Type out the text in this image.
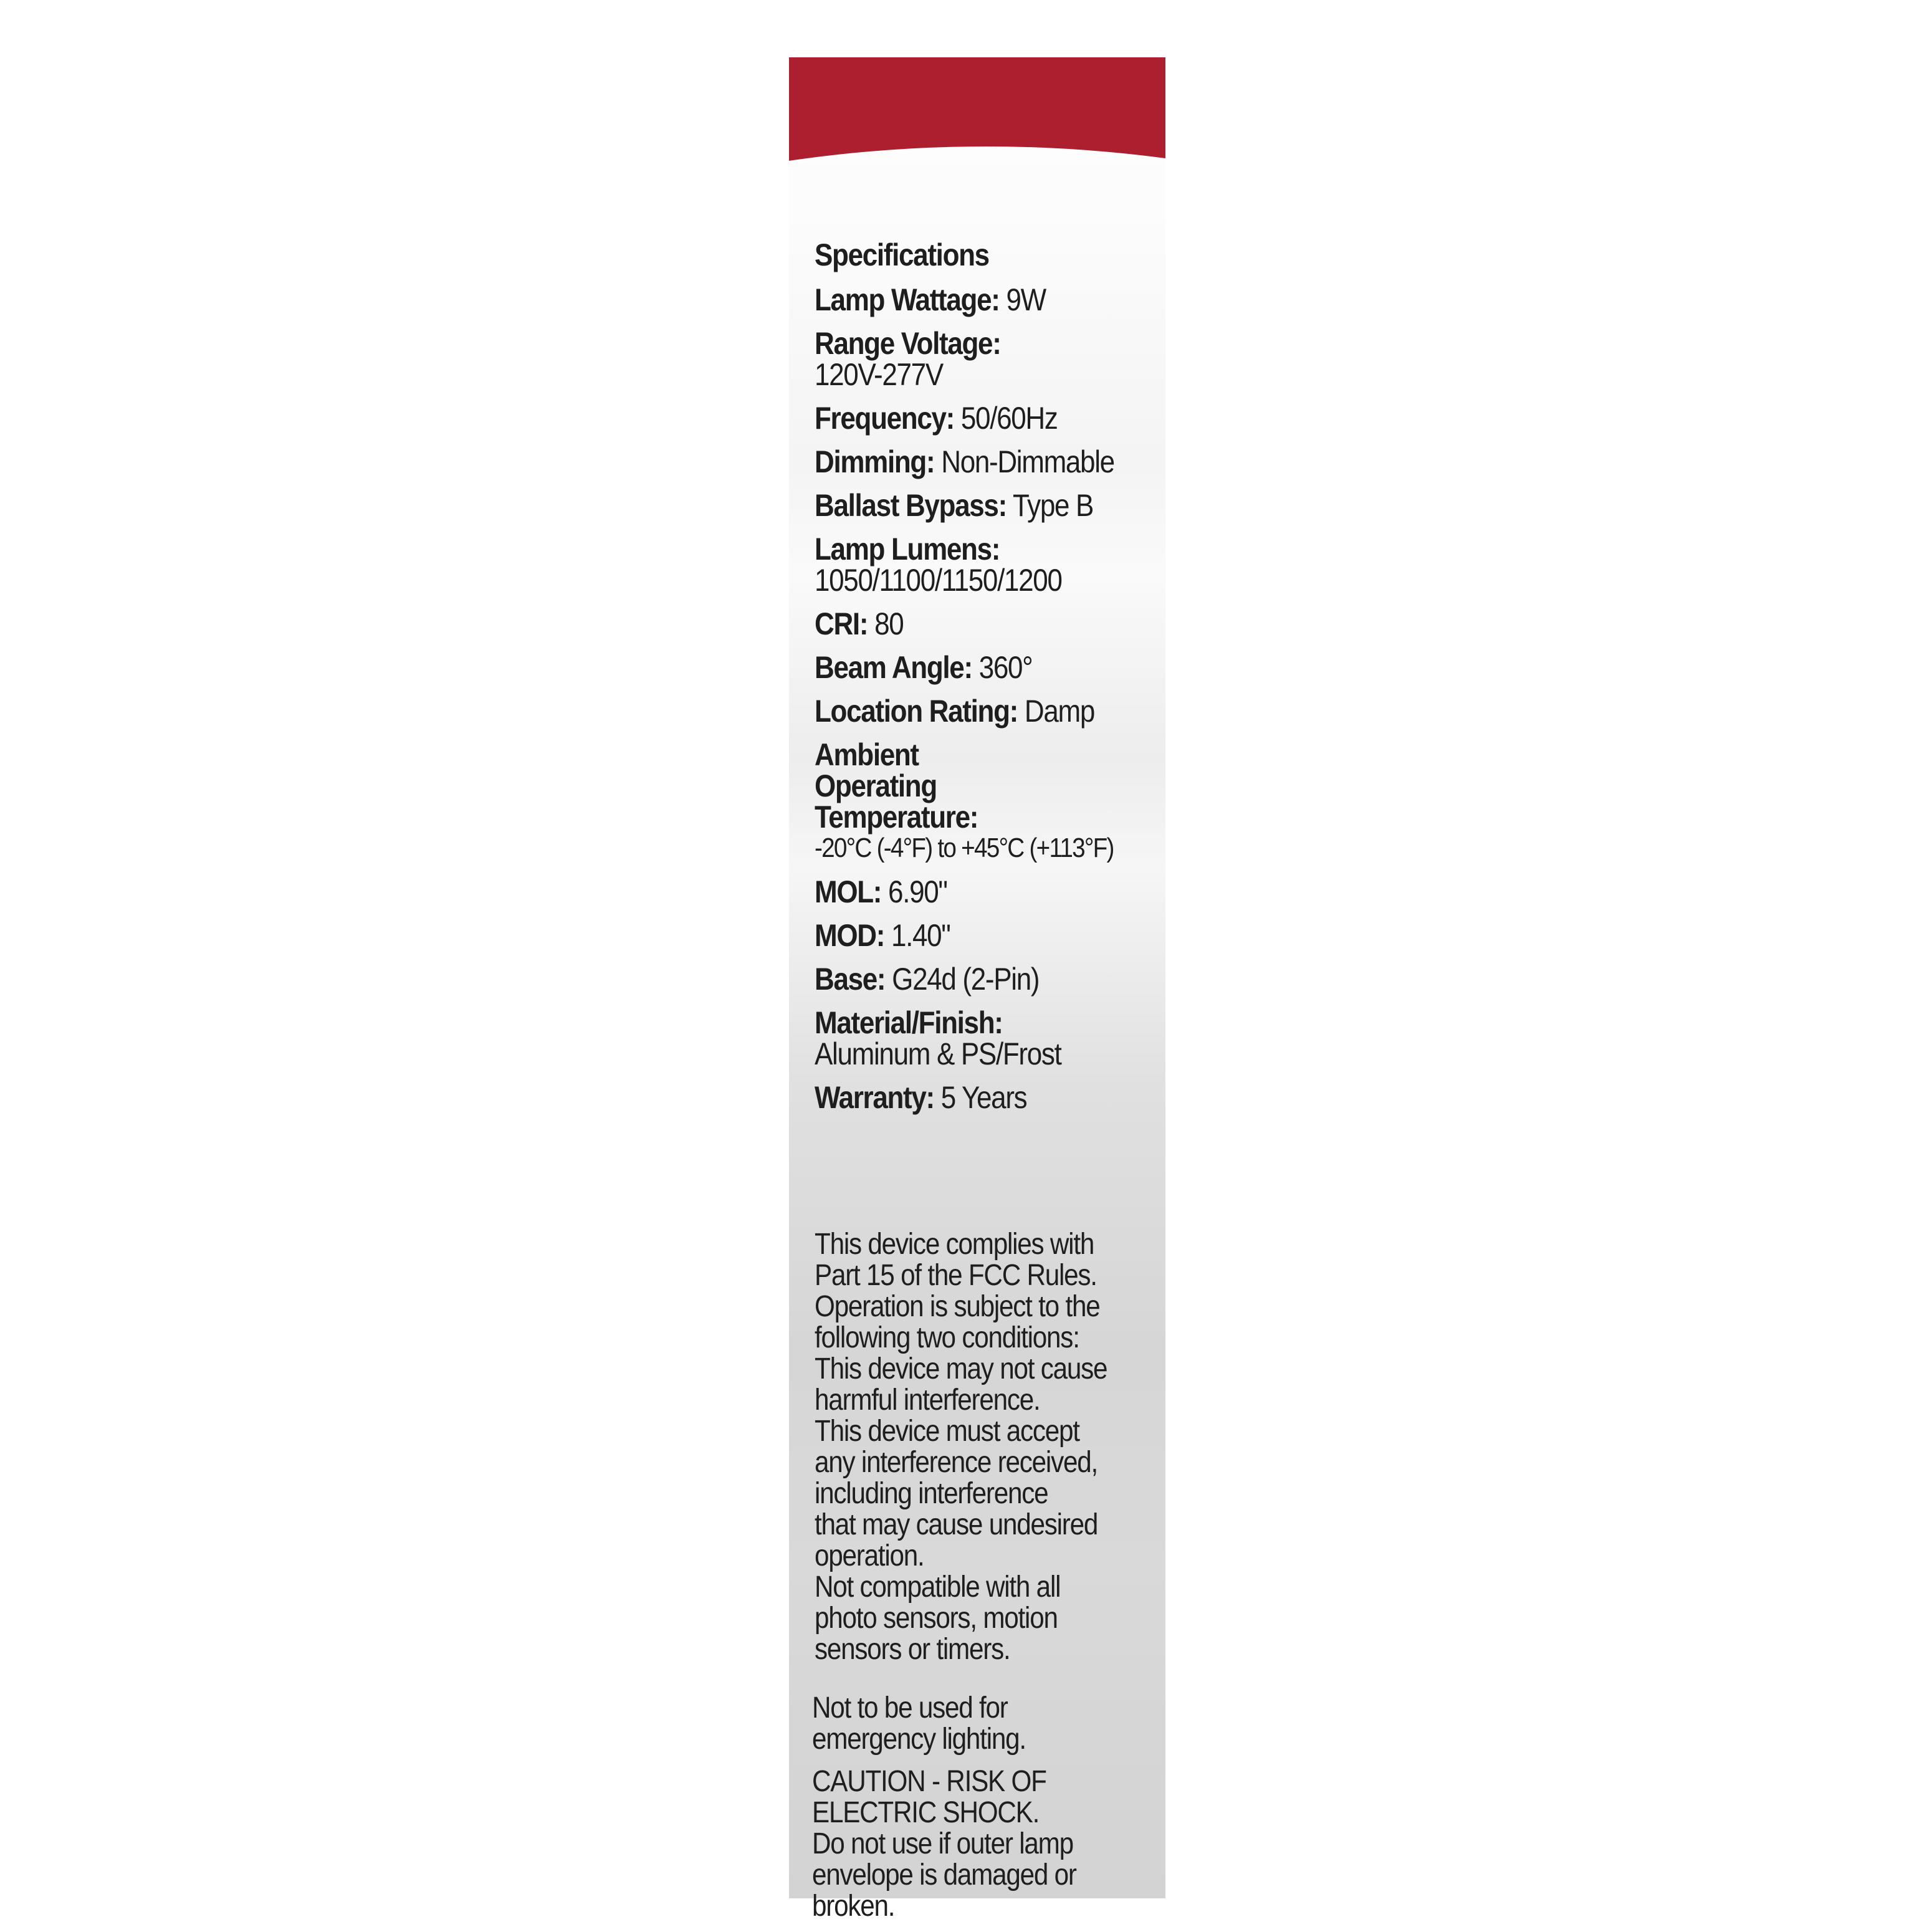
Specifications
Lamp Wattage: 9W
Range Voltage:
120V-277V
Frequency: 50/60Hz
Dimming: Non-Dimmable
Ballast Bypass: Type B
Lamp Lumens:
1050/1100/1150/1200
CRI: 80
Beam Angle: 360°
Location Rating: Damp
Ambient Operating Temperature:
-20°C (-4°F) to +45°C (+113°F)
MOL: 6.90"
MOD: 1.40"
Base: G24d (2-Pin)
Material/Finish:
Aluminum & PS/Frost
Warranty: 5 Years
This device complies with
Part 15 of the FCC Rules.
Operation is subject to the
following two conditions:
This device may not cause
harmful interference.
This device must accept
any interference received,
including interference
that may cause undesired
operation.
Not compatible with all
photo sensors, motion
sensors or timers.
Not to be used for
emergency lighting.
CAUTION - RISK OF
ELECTRIC SHOCK.
Do not use if outer lamp
envelope is damaged or
broken.
